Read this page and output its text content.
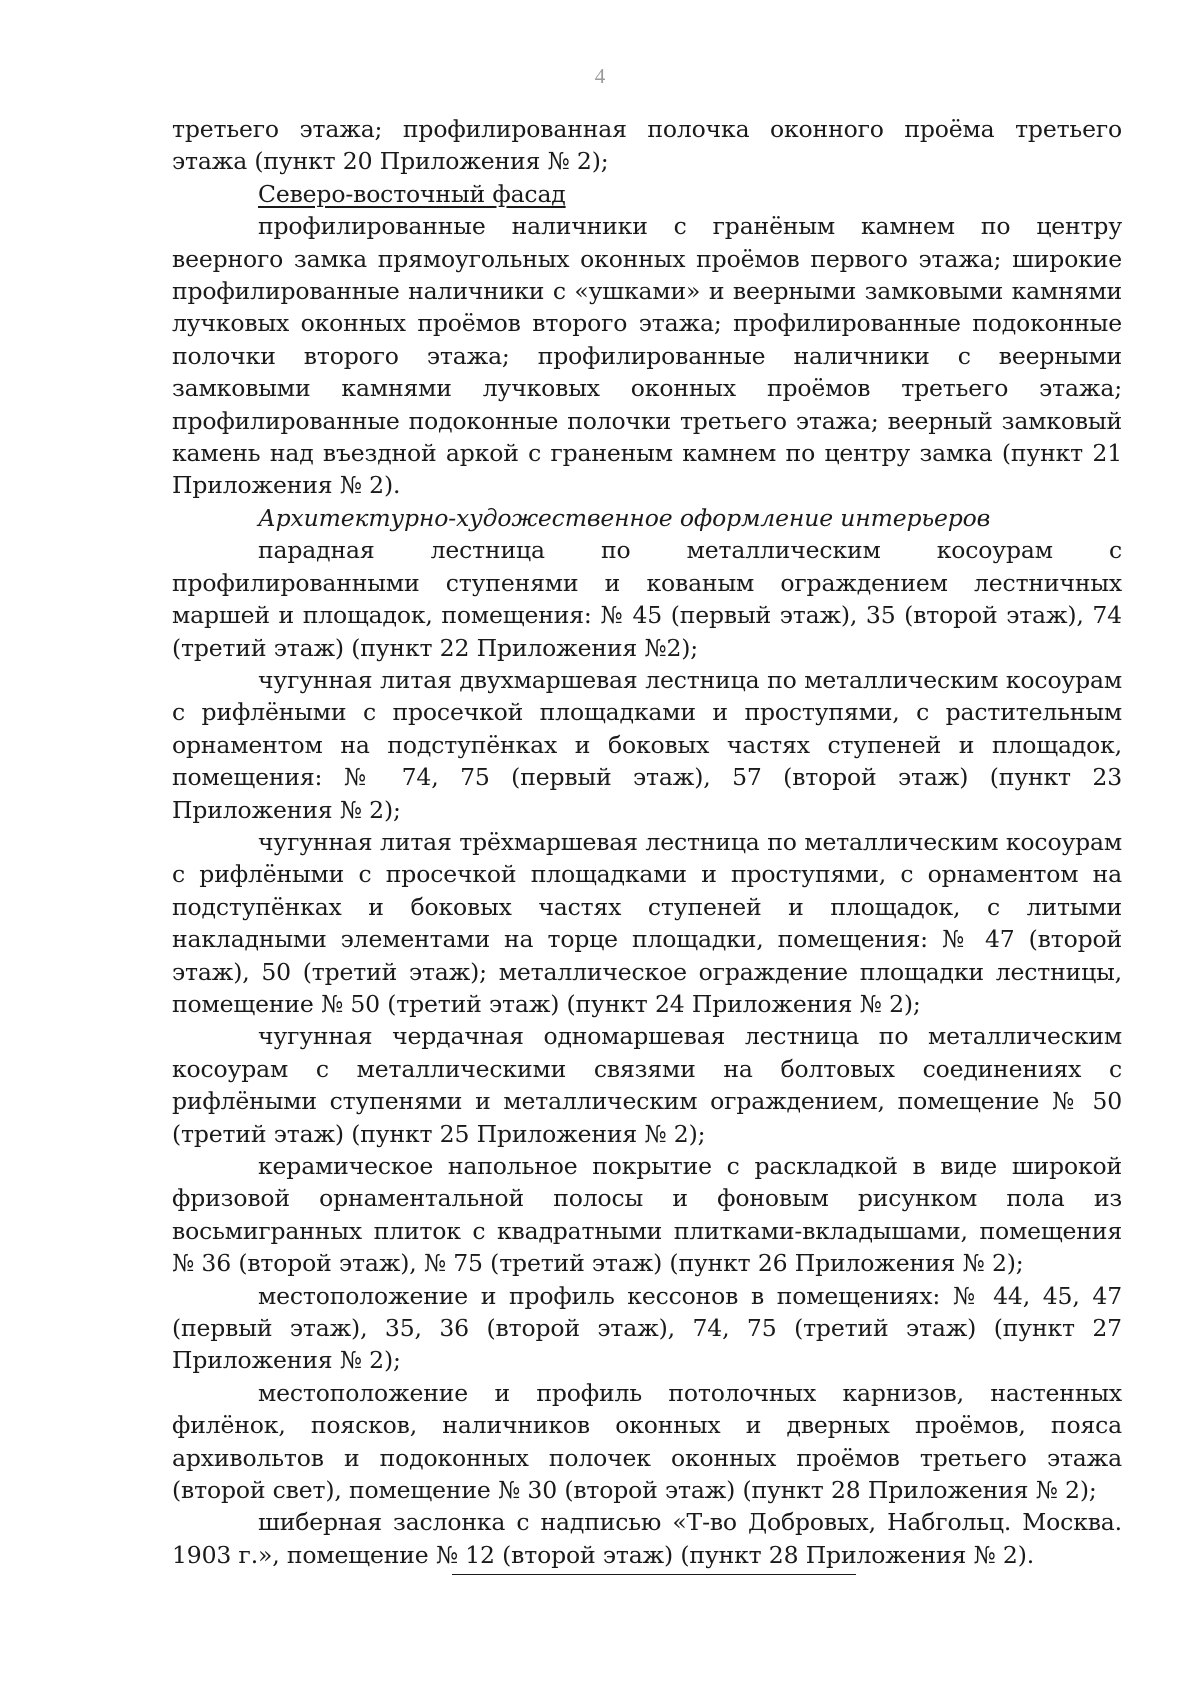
4

третьего этажа; профилированная полочка оконного проёма третьего этажа (пункт 20 Приложения № 2);

Северо-восточный фасад

профилированные наличники с гранёным камнем по центру веерного замка прямоугольных оконных проёмов первого этажа; широкие профилированные наличники с «ушками» и веерными замковыми камнями лучковых оконных проёмов второго этажа; профилированные подоконные полочки второго этажа; профилированные наличники с веерными замковыми камнями лучковых оконных проёмов третьего этажа; профилированные подоконные полочки третьего этажа; веерный замковый камень над въездной аркой с граненым камнем по центру замка (пункт 21 Приложения № 2).

Архитектурно-художественное оформление интерьеров

парадная лестница по металлическим косоурам с профилированными ступенями и кованым ограждением лестничных маршей и площадок, помещения: № 45 (первый этаж), 35 (второй этаж), 74 (третий этаж) (пункт 22 Приложения №2);

чугунная литая двухмаршевая лестница по металлическим косоурам с рифлёными с просечкой площадками и проступями, с растительным орнаментом на подступёнках и боковых частях ступеней и площадок, помещения: № 74, 75 (первый этаж), 57 (второй этаж) (пункт 23 Приложения № 2);

чугунная литая трёхмаршевая лестница по металлическим косоурам с рифлёными с просечкой площадками и проступями, с орнаментом на подступёнках и боковых частях ступеней и площадок, с литыми накладными элементами на торце площадки, помещения: № 47 (второй этаж), 50 (третий этаж); металлическое ограждение площадки лестницы, помещение № 50 (третий этаж) (пункт 24 Приложения № 2);

чугунная чердачная одномаршевая лестница по металлическим косоурам с металлическими связями на болтовых соединениях с рифлёными ступенями и металлическим ограждением, помещение № 50 (третий этаж) (пункт 25 Приложения № 2);

керамическое напольное покрытие с раскладкой в виде широкой фризовой орнаментальной полосы и фоновым рисунком пола из восьмигранных плиток с квадратными плитками-вкладышами, помещения № 36 (второй этаж), № 75 (третий этаж) (пункт 26 Приложения № 2);

местоположение и профиль кессонов в помещениях: № 44, 45, 47 (первый этаж), 35, 36 (второй этаж), 74, 75 (третий этаж) (пункт 27 Приложения № 2);

местоположение и профиль потолочных карнизов, настенных филёнок, поясков, наличников оконных и дверных проёмов, пояса архивольтов и подоконных полочек оконных проёмов третьего этажа (второй свет), помещение № 30 (второй этаж) (пункт 28 Приложения № 2);

шиберная заслонка с надписью «Т-во Добровых, Набгольц. Москва. 1903 г.», помещение № 12 (второй этаж) (пункт 28 Приложения № 2).
